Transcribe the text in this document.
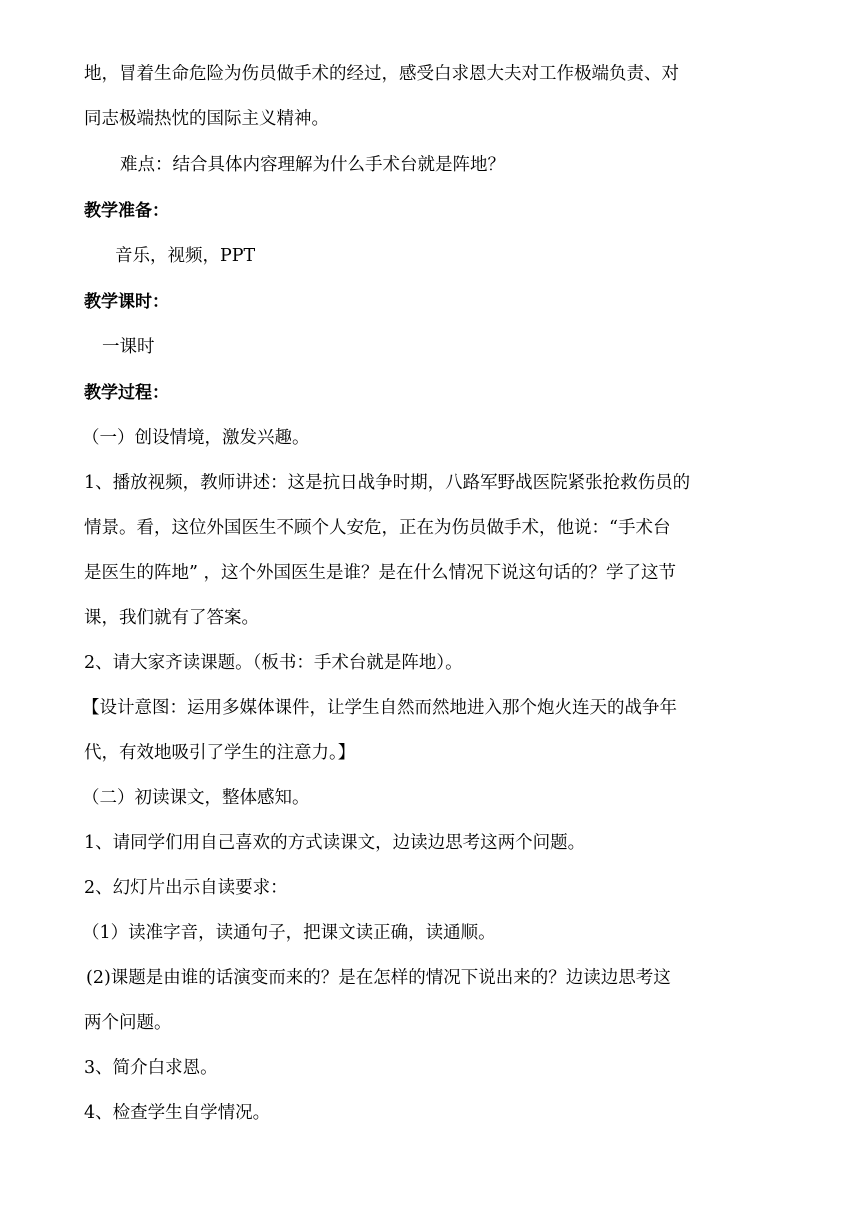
地，冒着生命危险为伤员做手术的经过，感受白求恩大夫对工作极端负责、对
同志极端热忱的国际主义精神。
难点：结合具体内容理解为什么手术台就是阵地？
教学准备：
音乐，视频，PPT
教学课时：
一课时
教学过程：
（一）创设情境，激发兴趣。
1、播放视频，教师讲述：这是抗日战争时期，八路军野战医院紧张抢救伤员的
情景。看，这位外国医生不顾个人安危，正在为伤员做手术，他说：“手术台
是医生的阵地” ，这个外国医生是谁？是在什么情况下说这句话的？学了这节
课，我们就有了答案。
2、请大家齐读课题。（板书：手术台就是阵地）。
【设计意图：运用多媒体课件，让学生自然而然地进入那个炮火连天的战争年
代，有效地吸引了学生的注意力。】
（二）初读课文，整体感知。
1、请同学们用自己喜欢的方式读课文，边读边思考这两个问题。
2、幻灯片出示自读要求：
（1）读准字音，读通句子，把课文读正确，读通顺。
(2)课题是由谁的话演变而来的？是在怎样的情况下说出来的？边读边思考这
两个问题。
3、简介白求恩。
4、检查学生自学情况。
